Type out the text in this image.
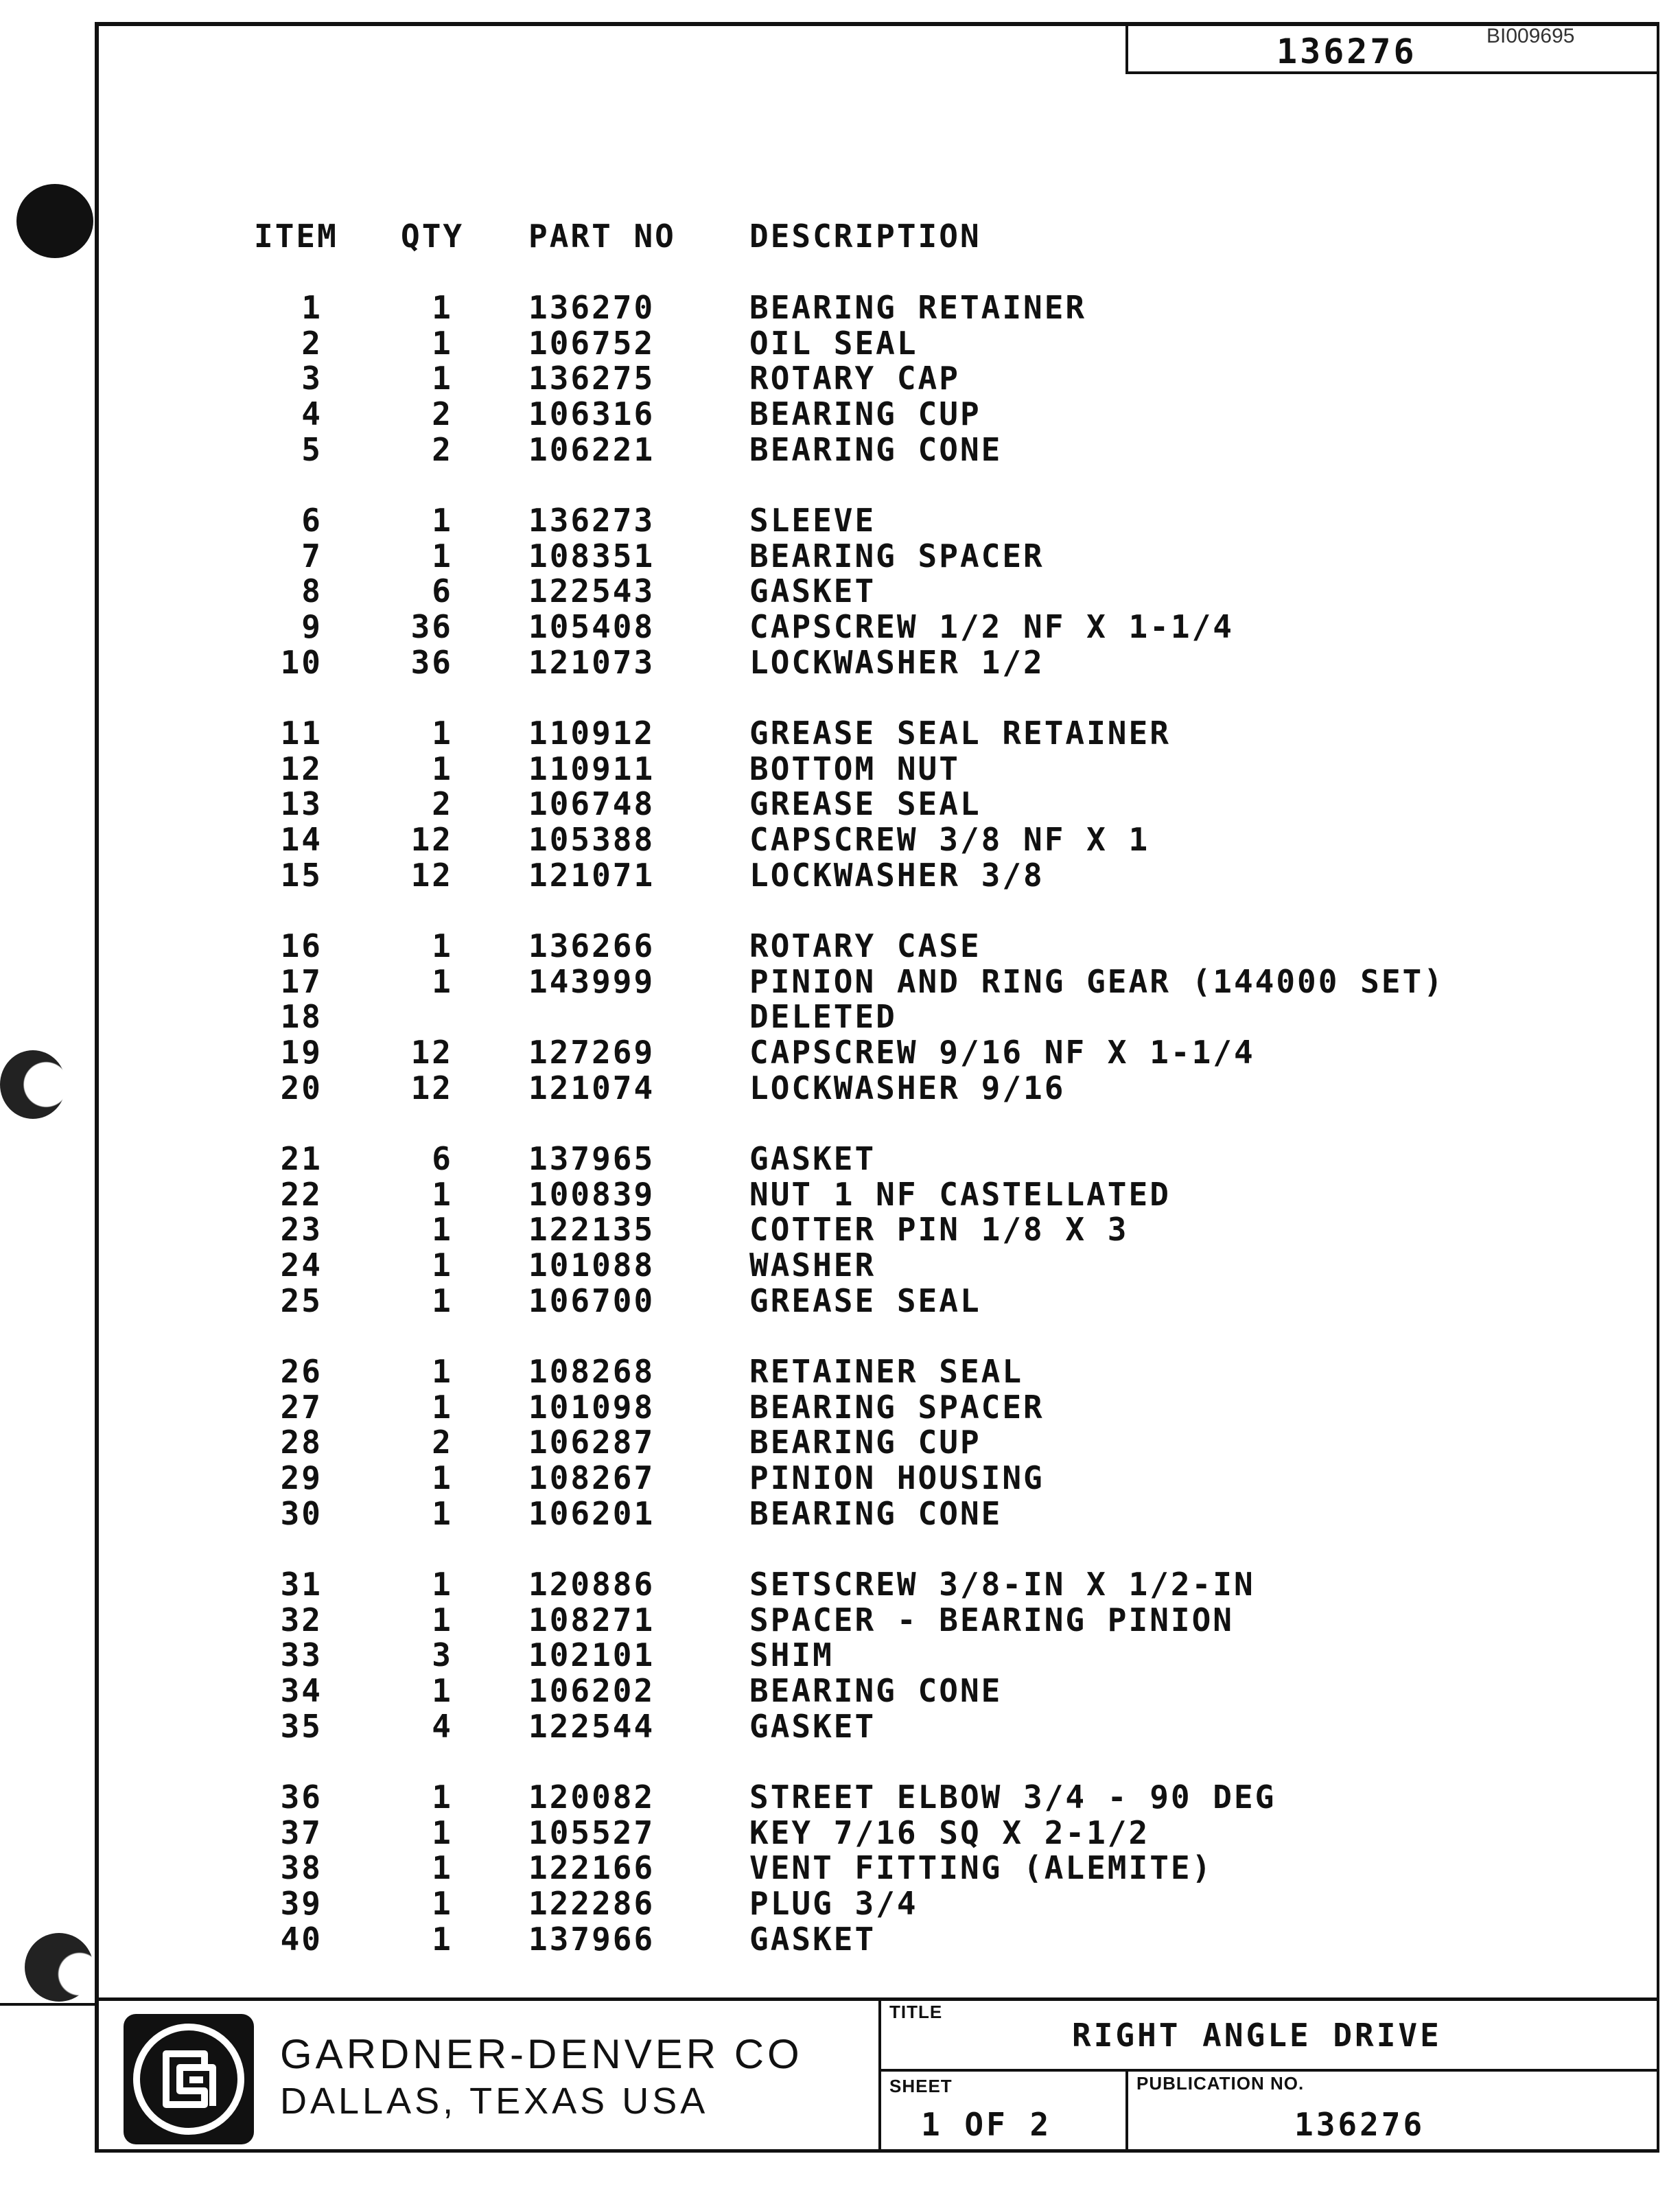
136276	BI009695
ITEM QTY PART NO DESCRIPTION
1	1 136270	BEARING RETAINER
2	1 106752	OIL SEAL
3	1 136275	ROTARY CAP
4	2 106316	BEARING CUP
5	2 106221	BEARING CONE
6	1 136273	SLEEVE
7	1 108351	BEARING SPACER
8	6 122543	GASKET
9	36 105408	CAPSCREW 1/2 NF X 1-1/4
10	36 121073	LOCKWASHER 1/2
11	1 110912	GREASE SEAL RETAINER
12	1 110911	BOTTOM NUT
13	2 106748	GREASE SEAL
14	12 105388	CAPSCREW 3/8 NF X 1
15	12 121071	LOCKWASHER 3/8
16	1 136266	ROTARY CASE
17	1 143999	PINION AND RING GEAR (144000 SET)
18	DELETED
19	12 127269	CAPSCREW 9/16 NF X 1-1/4
20	12 121074	LOCKWASHER 9/16
21	6 137965	GASKET
22	1 100839	NUT 1 NF CASTELLATED
23	1 122135	COTTER PIN 1/8 X 3
24	1 101088	WASHER
25	1 106700	GREASE SEAL
26	1 108268	RETAINER SEAL
27	1 101098	BEARING SPACER
28	2 106287	BEARING CUP
29	1 108267	PINION HOUSING
30	1 106201	BEARING CONE
31	1 120886	SETSCREW 3/8-IN X 1/2-IN
32	1 108271	SPACER - BEARING PINION
33	3 102101	SHIM
34	1 106202	BEARING CONE
35	4 122544	GASKET
36	1 120082	STREET ELBOW 3/4 - 90 DEG
37	1 105527	KEY 7/16 SQ X 2-1/2
38	1 122166	VENT FITTING (ALEMITE)
39	1 122286	PLUG 3/4
40	1 137966	GASKET
GARDNER-DENVER CO
DALLAS, TEXAS USA
TITLE
RIGHT ANGLE DRIVE
SHEET
1 OF 2
PUBLICATION NO.
136276
